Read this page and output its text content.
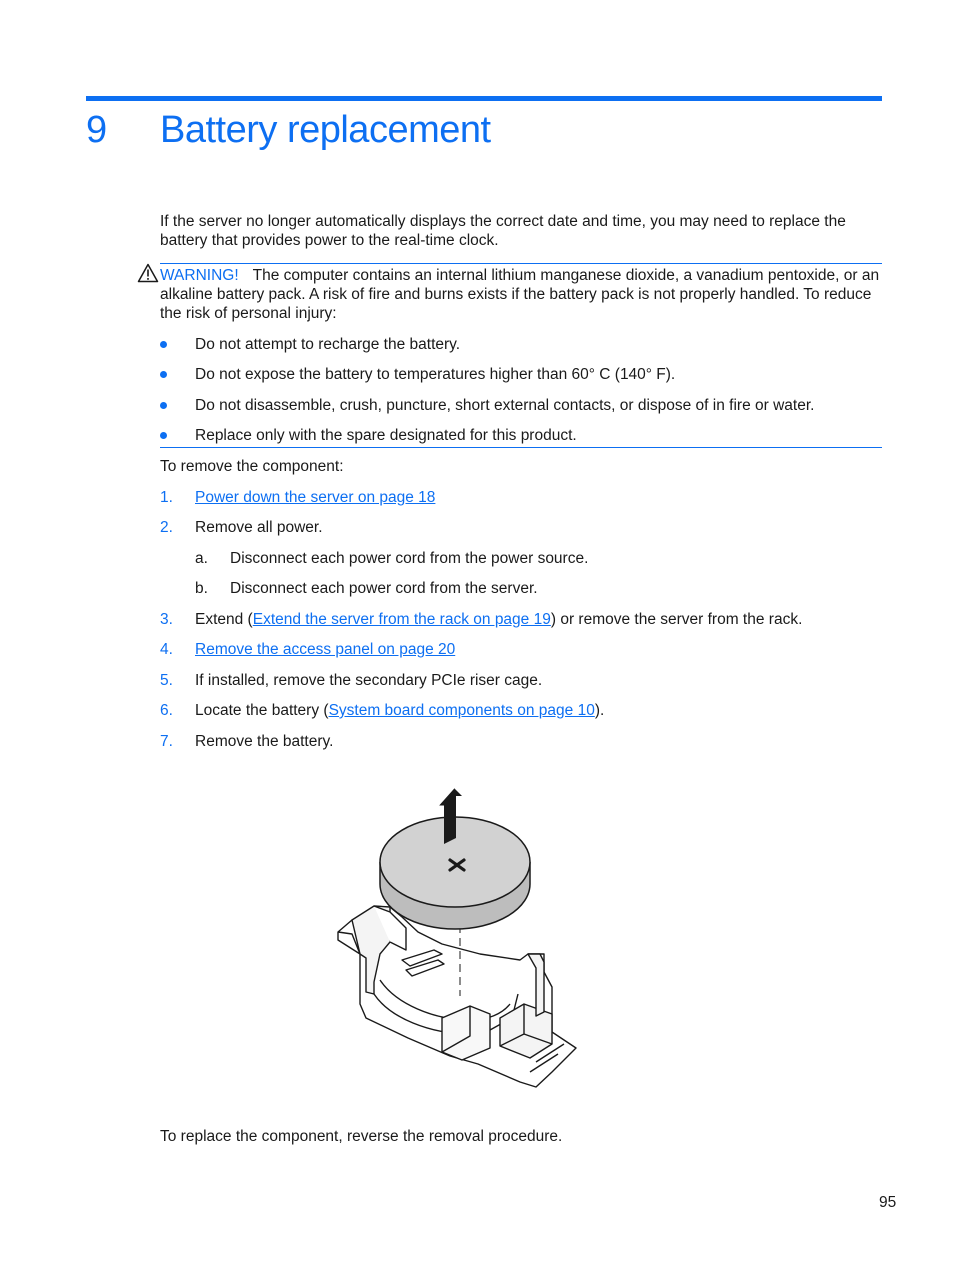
9 Battery replacement

If the server no longer automatically displays the correct date and time, you may need to replace the battery that provides power to the real-time clock.

WARNING! The computer contains an internal lithium manganese dioxide, a vanadium pentoxide, or an alkaline battery pack. A risk of fire and burns exists if the battery pack is not properly handled. To reduce the risk of personal injury:

Do not attempt to recharge the battery.
Do not expose the battery to temperatures higher than 60° C (140° F).
Do not disassemble, crush, puncture, short external contacts, or dispose of in fire or water.
Replace only with the spare designated for this product.
To remove the component:
1. Power down the server on page 18
2. Remove all power.
a. Disconnect each power cord from the power source.
b. Disconnect each power cord from the server.
3. Extend (Extend the server from the rack on page 19) or remove the server from the rack.
4. Remove the access panel on page 20
5. If installed, remove the secondary PCIe riser cage.
6. Locate the battery (System board components on page 10).
7. Remove the battery.
To replace the component, reverse the removal procedure.
95
